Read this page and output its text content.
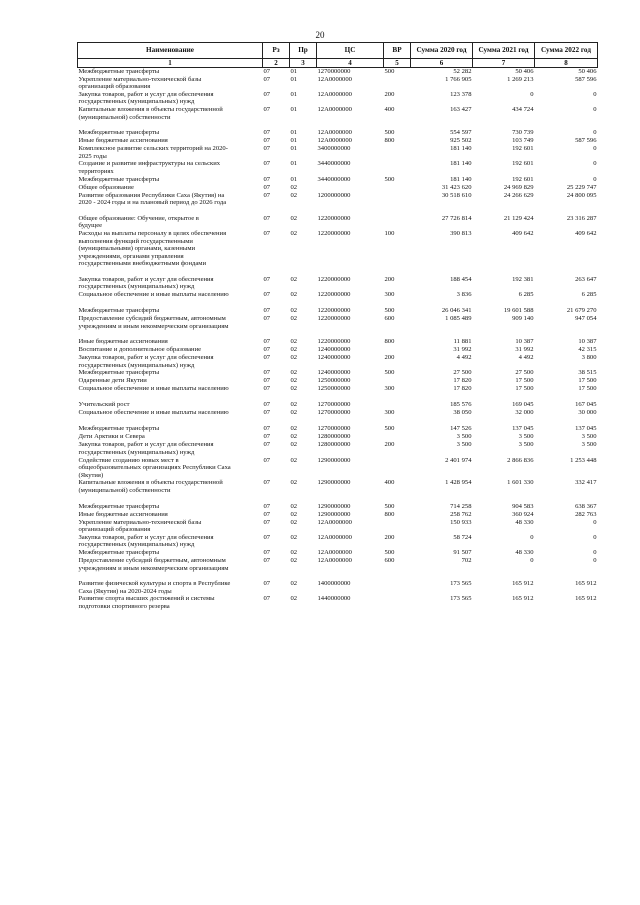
20
Наименование	Рз	Пр	ЦС	ВР	Сумма 2020 год	Сумма 2021 год	Сумма 2022 год
1	2	3	4	5	6	7	8

Межбюджетные трансферты	07	01	1270000000	500	52 282	50 406	50 406

Укрепление материально-технической базы
организаций образования	07	01	12А0000000		1 766 905	1 269 213	587 596

Закупка товаров, работ и услуг для обеспечения
государственных (муниципальных) нужд	07	01	12А0000000	200	123 378	0	0

Капитальные вложения в объекты государственной
(муниципальной) собственности	07	01	12А0000000	400	163 427	434 724	0

Межбюджетные трансферты	07	01	12А0000000	500	554 597	730 739	0

Иные бюджетные ассигнования	07	01	12А0000000	800	925 502	103 749	587 596

Комплексное развитие сельских территорий на 2020-
2025 годы	07	01	3400000000		181 140	192 601	0

Создание и развитие инфраструктуры на сельских
территориях	07	01	3440000000		181 140	192 601	0

Межбюджетные трансферты	07	01	3440000000	500	181 140	192 601	0

Общее образование	07	02			31 423 620	24 969 829	25 229 747

Развитие образования Республики Саха (Якутия) на
2020 - 2024 годы и на плановый период до 2026 года	07	02	1200000000		30 518 610	24 266 629	24 800 095

Общее образование: Обучение, открытое в
будущее	07	02	1220000000		27 726 814	21 129 424	23 316 287

Расходы на выплаты персоналу в целях обеспечения
выполнения функций государственными
(муниципальными) органами, казенными
учреждениями, органами управления
государственными внебюджетными фондами	07	02	1220000000	100	390 813	409 642	409 642

Закупка товаров, работ и услуг для обеспечения
государственных (муниципальных) нужд	07	02	1220000000	200	188 454	192 381	263 647

Социальное обеспечение и иные выплаты населению	07	02	1220000000	300	3 836	6 285	6 285

Межбюджетные трансферты	07	02	1220000000	500	26 046 341	19 601 588	21 679 270

Предоставление субсидий бюджетным, автономным
учреждениям и иным некоммерческим организациям	07	02	1220000000	600	1 085 489	909 140	947 054

Иные бюджетные ассигнования	07	02	1220000000	800	11 881	10 387	10 387

Воспитание и дополнительное образование	07	02	1240000000		31 992	31 992	42 315

Закупка товаров, работ и услуг для обеспечения
государственных (муниципальных) нужд	07	02	1240000000	200	4 492	4 492	3 800

Межбюджетные трансферты	07	02	1240000000	500	27 500	27 500	38 515

Одаренные дети Якутии	07	02	1250000000		17 820	17 500	17 500

Социальное обеспечение и иные выплаты населению	07	02	1250000000	300	17 820	17 500	17 500

Учительский рост	07	02	1270000000		185 576	169 045	167 045

Социальное обеспечение и иные выплаты населению	07	02	1270000000	300	38 050	32 000	30 000

Межбюджетные трансферты	07	02	1270000000	500	147 526	137 045	137 045

Дети Арктики и Севера	07	02	1280000000		3 500	3 500	3 500

Закупка товаров, работ и услуг для обеспечения
государственных (муниципальных) нужд	07	02	1280000000	200	3 500	3 500	3 500

Содействие созданию новых мест в
общеобразовательных организациях Республики Саха
(Якутия)	07	02	1290000000		2 401 974	2 866 836	1 253 448

Капитальные вложения в объекты государственной
(муниципальной) собственности	07	02	1290000000	400	1 428 954	1 601 330	332 417

Межбюджетные трансферты	07	02	1290000000	500	714 258	904 583	638 367

Иные бюджетные ассигнования	07	02	1290000000	800	258 762	360 924	282 763

Укрепление материально-технической базы
организаций образования	07	02	12А0000000		150 933	48 330	0

Закупка товаров, работ и услуг для обеспечения
государственных (муниципальных) нужд	07	02	12А0000000	200	58 724	0	0

Межбюджетные трансферты	07	02	12А0000000	500	91 507	48 330	0

Предоставление субсидий бюджетным, автономным
учреждениям и иным некоммерческим организациям	07	02	12А0000000	600	702	0	0

Развитие физической культуры и спорта в Республике
Саха (Якутия) на 2020-2024 годы	07	02	1400000000		173 565	165 912	165 912

Развитие спорта высших достижений и системы
подготовки спортивного резерва	07	02	1440000000		173 565	165 912	165 912
